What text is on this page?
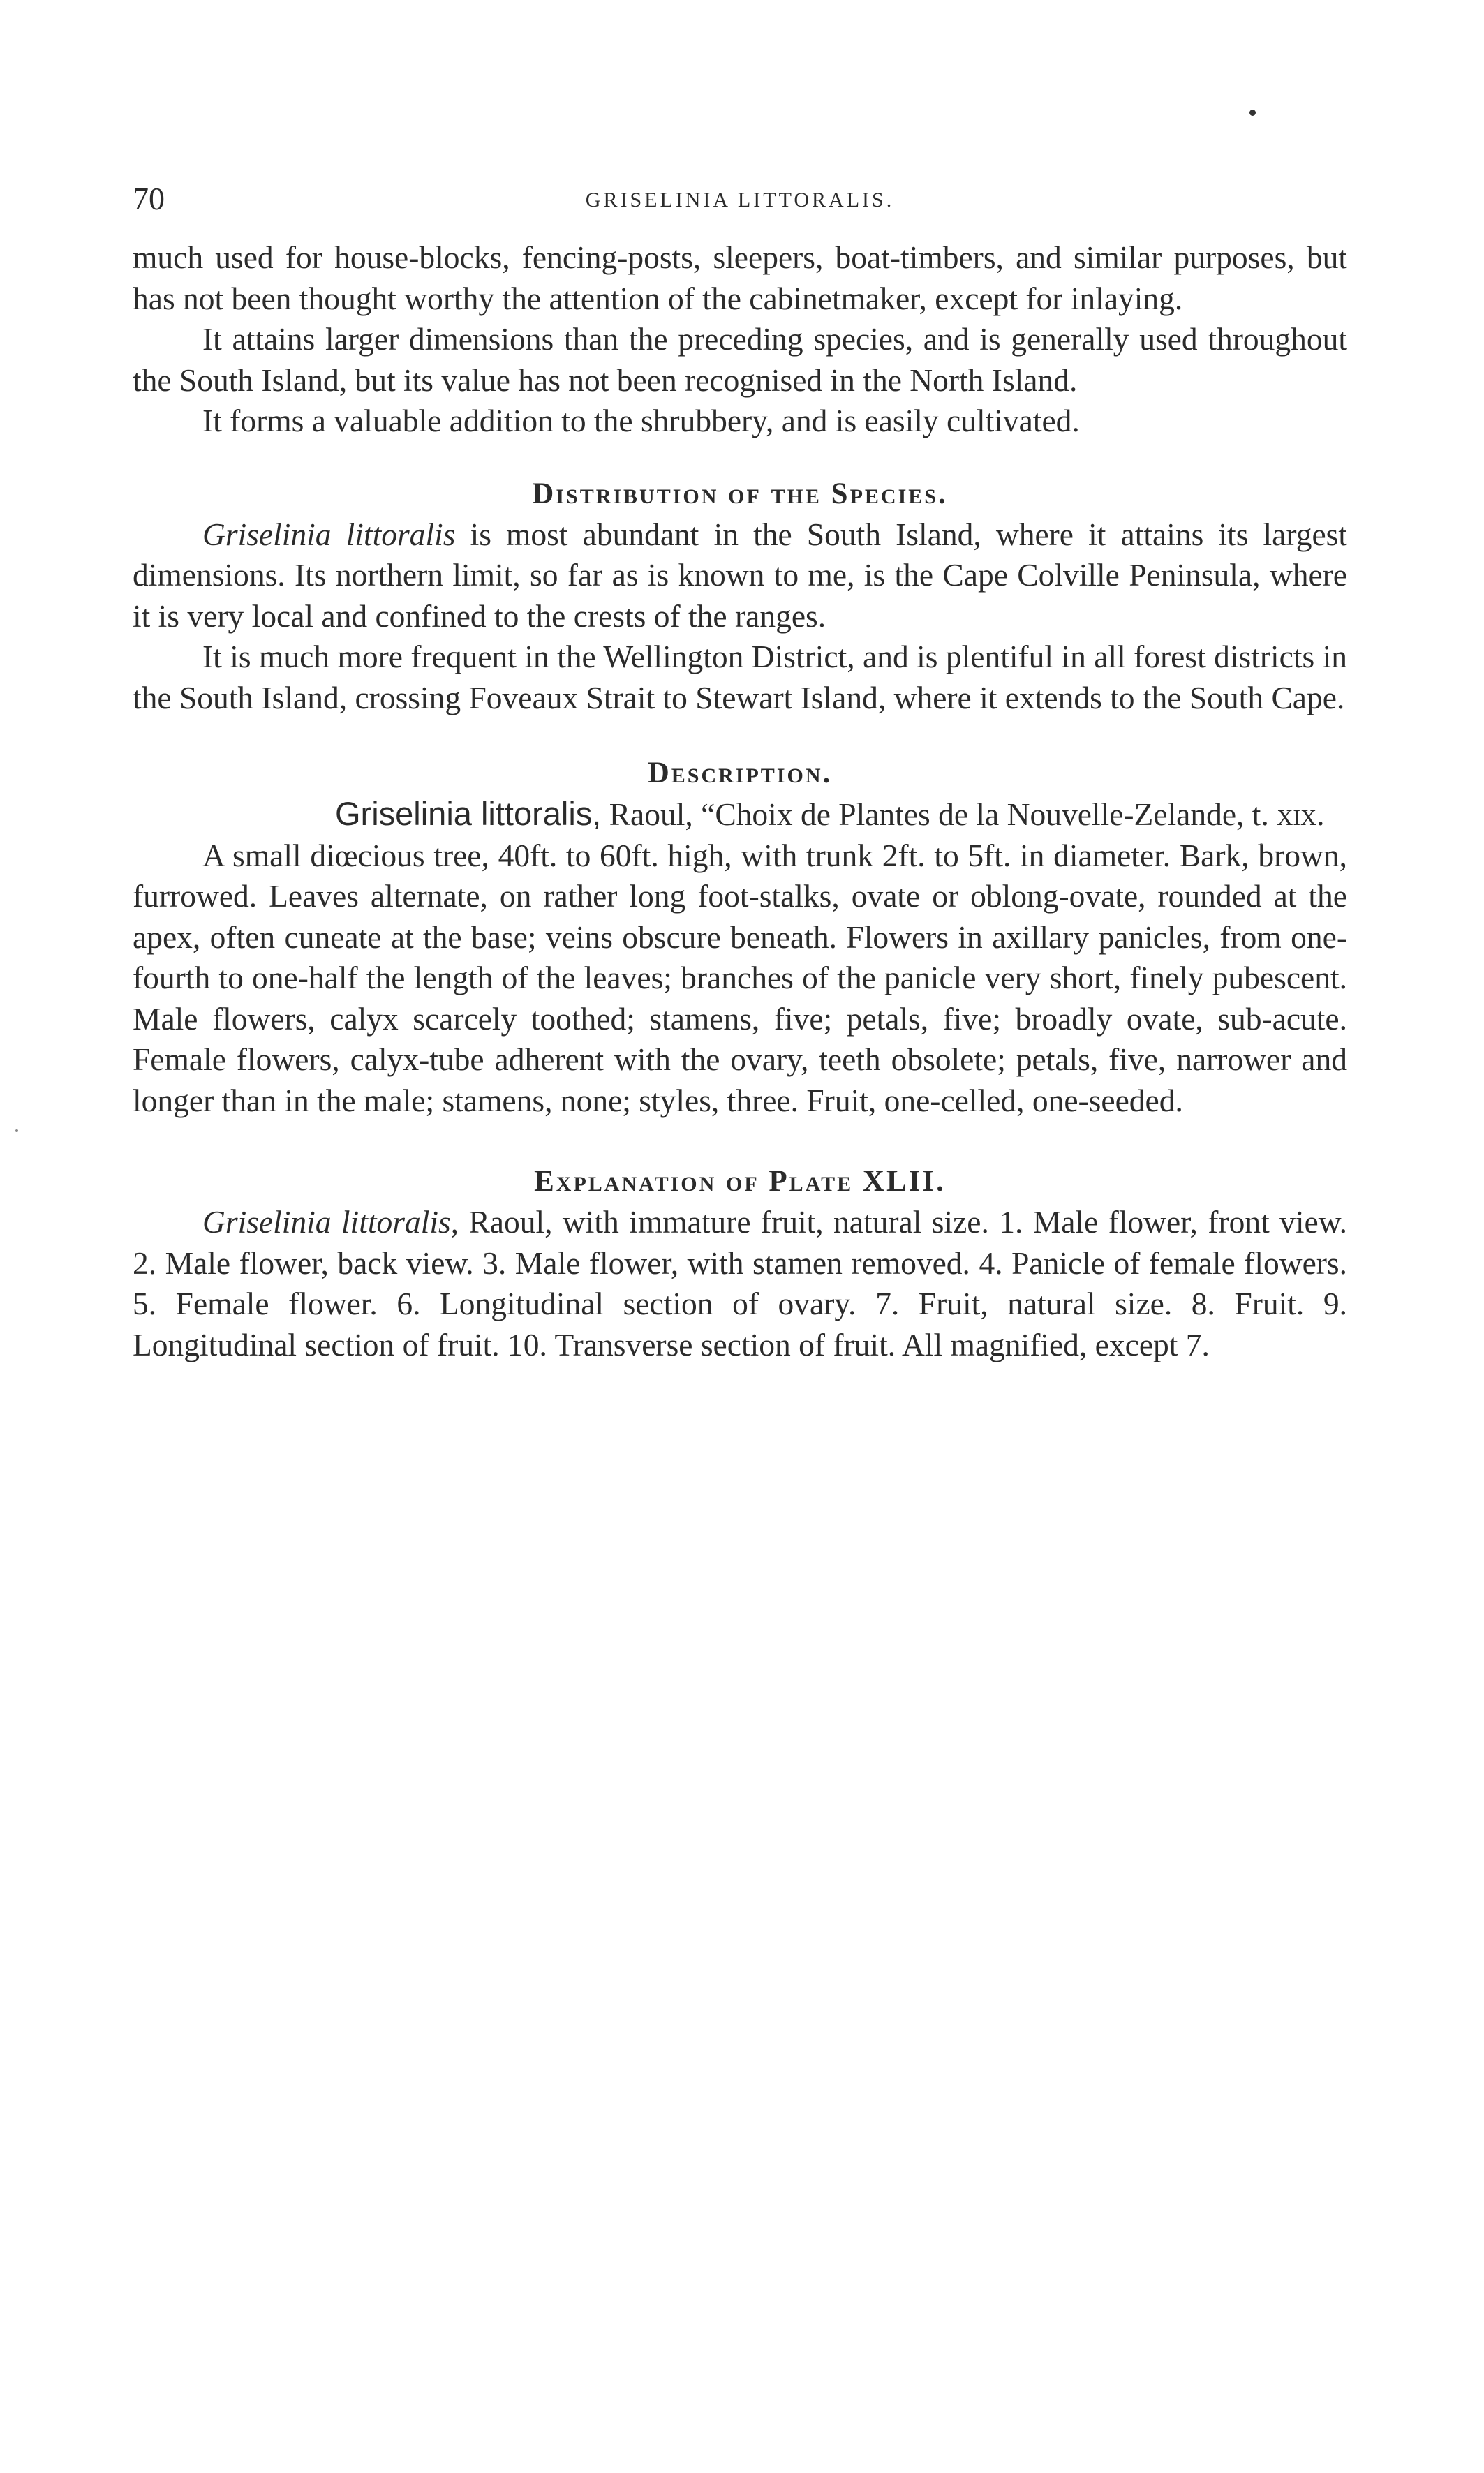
70	GRISELINIA LITTORALIS.

much used for house-blocks, fencing-posts, sleepers, boat-timbers, and similar purposes, but has not been thought worthy the attention of the cabinetmaker, except for inlaying.

It attains larger dimensions than the preceding species, and is generally used throughout the South Island, but its value has not been recognised in the North Island.

It forms a valuable addition to the shrubbery, and is easily cultivated.

Distribution of the Species.

Griselinia littoralis is most abundant in the South Island, where it attains its largest dimensions. Its northern limit, so far as is known to me, is the Cape Colville Peninsula, where it is very local and confined to the crests of the ranges.

It is much more frequent in the Wellington District, and is plentiful in all forest districts in the South Island, crossing Foveaux Strait to Stewart Island, where it extends to the South Cape.

Description.

Griselinia littoralis, Raoul, “Choix de Plantes de la Nouvelle-Zelande, t. xix.

A small diœcious tree, 40ft. to 60ft. high, with trunk 2ft. to 5ft. in diameter. Bark, brown, furrowed. Leaves alternate, on rather long foot-stalks, ovate or oblong-ovate, rounded at the apex, often cuneate at the base; veins obscure beneath. Flowers in axillary panicles, from one-fourth to one-half the length of the leaves; branches of the panicle very short, finely pubescent. Male flowers, calyx scarcely toothed; stamens, five; petals, five; broadly ovate, sub-acute. Female flowers, calyx-tube adherent with the ovary, teeth obsolete; petals, five, narrower and longer than in the male; stamens, none; styles, three. Fruit, one-celled, one-seeded.

Explanation of Plate XLII.

Griselinia littoralis, Raoul, with immature fruit, natural size. 1. Male flower, front view. 2. Male flower, back view. 3. Male flower, with stamen removed. 4. Panicle of female flowers. 5. Female flower. 6. Longitudinal section of ovary. 7. Fruit, natural size. 8. Fruit. 9. Longitudinal section of fruit. 10. Transverse section of fruit. All magnified, except 7.
